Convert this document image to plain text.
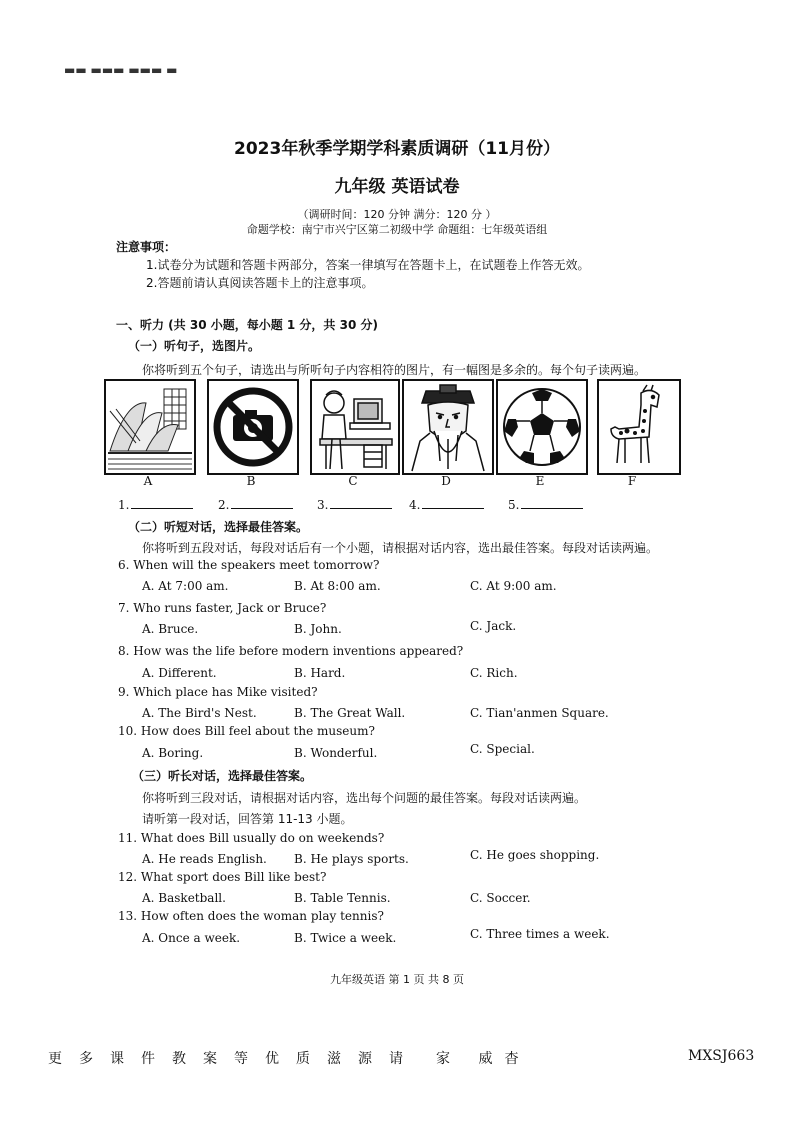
▬▬ ▬▬▬ ▬▬▬ ▬
2023年秋季学期学科素质调研（11月份）
九年级 英语试卷
（调研时间：120 分钟 满分：120 分 ）
命题学校：南宁市兴宁区第二初级中学 命题组：七年级英语组
注意事项：
1.试卷分为试题和答题卡两部分，答案一律填写在答题卡上，在试题卷上作答无效。
2.答题前请认真阅读答题卡上的注意事项。
一、听力 (共 30 小题，每小题 1 分，共 30 分)
（一）听句子，选图片。
你将听到五个句子，请选出与所听句子内容相符的图片，有一幅图是多余的。每个句子读两遍。
A	B	C	D	E	F
1.	2.	3.	4.	5.
（二）听短对话，选择最佳答案。
你将听到五段对话，每段对话后有一个小题，请根据对话内容，选出最佳答案。每段对话读两遍。
6. When will the speakers meet tomorrow?
A. At 7:00 am.	B. At 8:00 am.	C. At 9:00 am.
7. Who runs faster, Jack or Bruce?
A. Bruce.	B. John.	C. Jack.
8. How was the life before modern inventions appeared?
A. Different.	B. Hard.	C. Rich.
9. Which place has Mike visited?
A. The Bird's Nest.	B. The Great Wall.	C. Tian'anmen Square.
10. How does Bill feel about the museum?
A. Boring.	B. Wonderful.	C. Special.
（三）听长对话，选择最佳答案。
你将听到三段对话，请根据对话内容，选出每个问题的最佳答案。每段对话读两遍。
请听第一段对话，回答第 11-13 小题。
11. What does Bill usually do on weekends?
A. He reads English. B. He plays sports.	C. He goes shopping.
12. What sport does Bill like best?
A. Basketball.	B. Table Tennis.	C. Soccer.
13. How often does the woman play tennis?
A. Once a week.	B. Twice a week.	C. Three times a week.
九年级英语 第 1 页 共 8 页
更多课件教案等优质滋源请 家 威杳	MXSJ663
